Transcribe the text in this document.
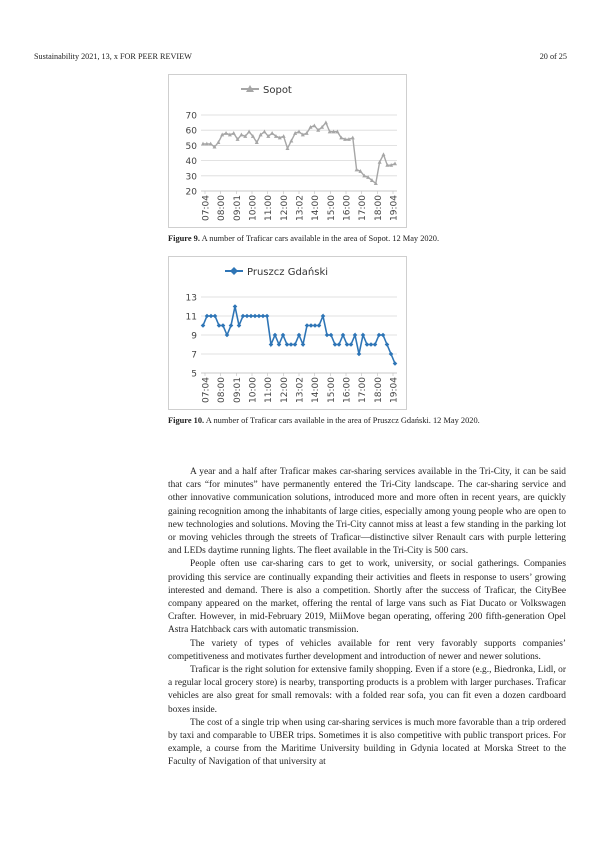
Sustainability 2021, 13, x FOR PEER REVIEW	20 of 25
Sopot
20
30
40
50
60
70
07:04 08:00 09:01 10:00 11:00 12:00 13:02 14:00 15:00 16:00 17:00 18:00 19:04
Figure 9. A number of Traficar cars available in the area of Sopot. 12 May 2020.
Pruszcz Gdański
5
7
9
11
13
07:04 08:00 09:01 10:00 11:00 12:00 13:02 14:00 15:00 16:00 17:00 18:00 19:04
Figure 10. A number of Traficar cars available in the area of Pruszcz Gdański. 12 May 2020.

A year and a half after Traficar makes car-sharing services available in the Tri-City, it can be said that cars “for minutes” have permanently entered the Tri-City landscape. The car-sharing service and other innovative communication solutions, introduced more and more often in recent years, are quickly gaining recognition among the inhabitants of large cities, especially among young people who are open to new technologies and solutions. Moving the Tri-City cannot miss at least a few standing in the parking lot or moving vehicles through the streets of Traficar—distinctive silver Renault cars with purple lettering and LEDs daytime running lights. The fleet available in the Tri-City is 500 cars.

People often use car-sharing cars to get to work, university, or social gatherings. Companies providing this service are continually expanding their activities and fleets in response to users’ growing interested and demand. There is also a competition. Shortly after the success of Traficar, the CityBee company appeared on the market, offering the rental of large vans such as Fiat Ducato or Volkswagen Crafter. However, in mid-February 2019, MiiMove began operating, offering 200 fifth-generation Opel Astra Hatchback cars with automatic transmission.

The variety of types of vehicles available for rent very favorably supports companies’ competitiveness and motivates further development and introduction of newer and newer solutions.

Traficar is the right solution for extensive family shopping. Even if a store (e.g., Biedronka, Lidl, or a regular local grocery store) is nearby, transporting products is a problem with larger purchases. Traficar vehicles are also great for small removals: with a folded rear sofa, you can fit even a dozen cardboard boxes inside.

The cost of a single trip when using car-sharing services is much more favorable than a trip ordered by taxi and comparable to UBER trips. Sometimes it is also competitive with public transport prices. For example, a course from the Maritime University building in Gdynia located at Morska Street to the Faculty of Navigation of that university at
